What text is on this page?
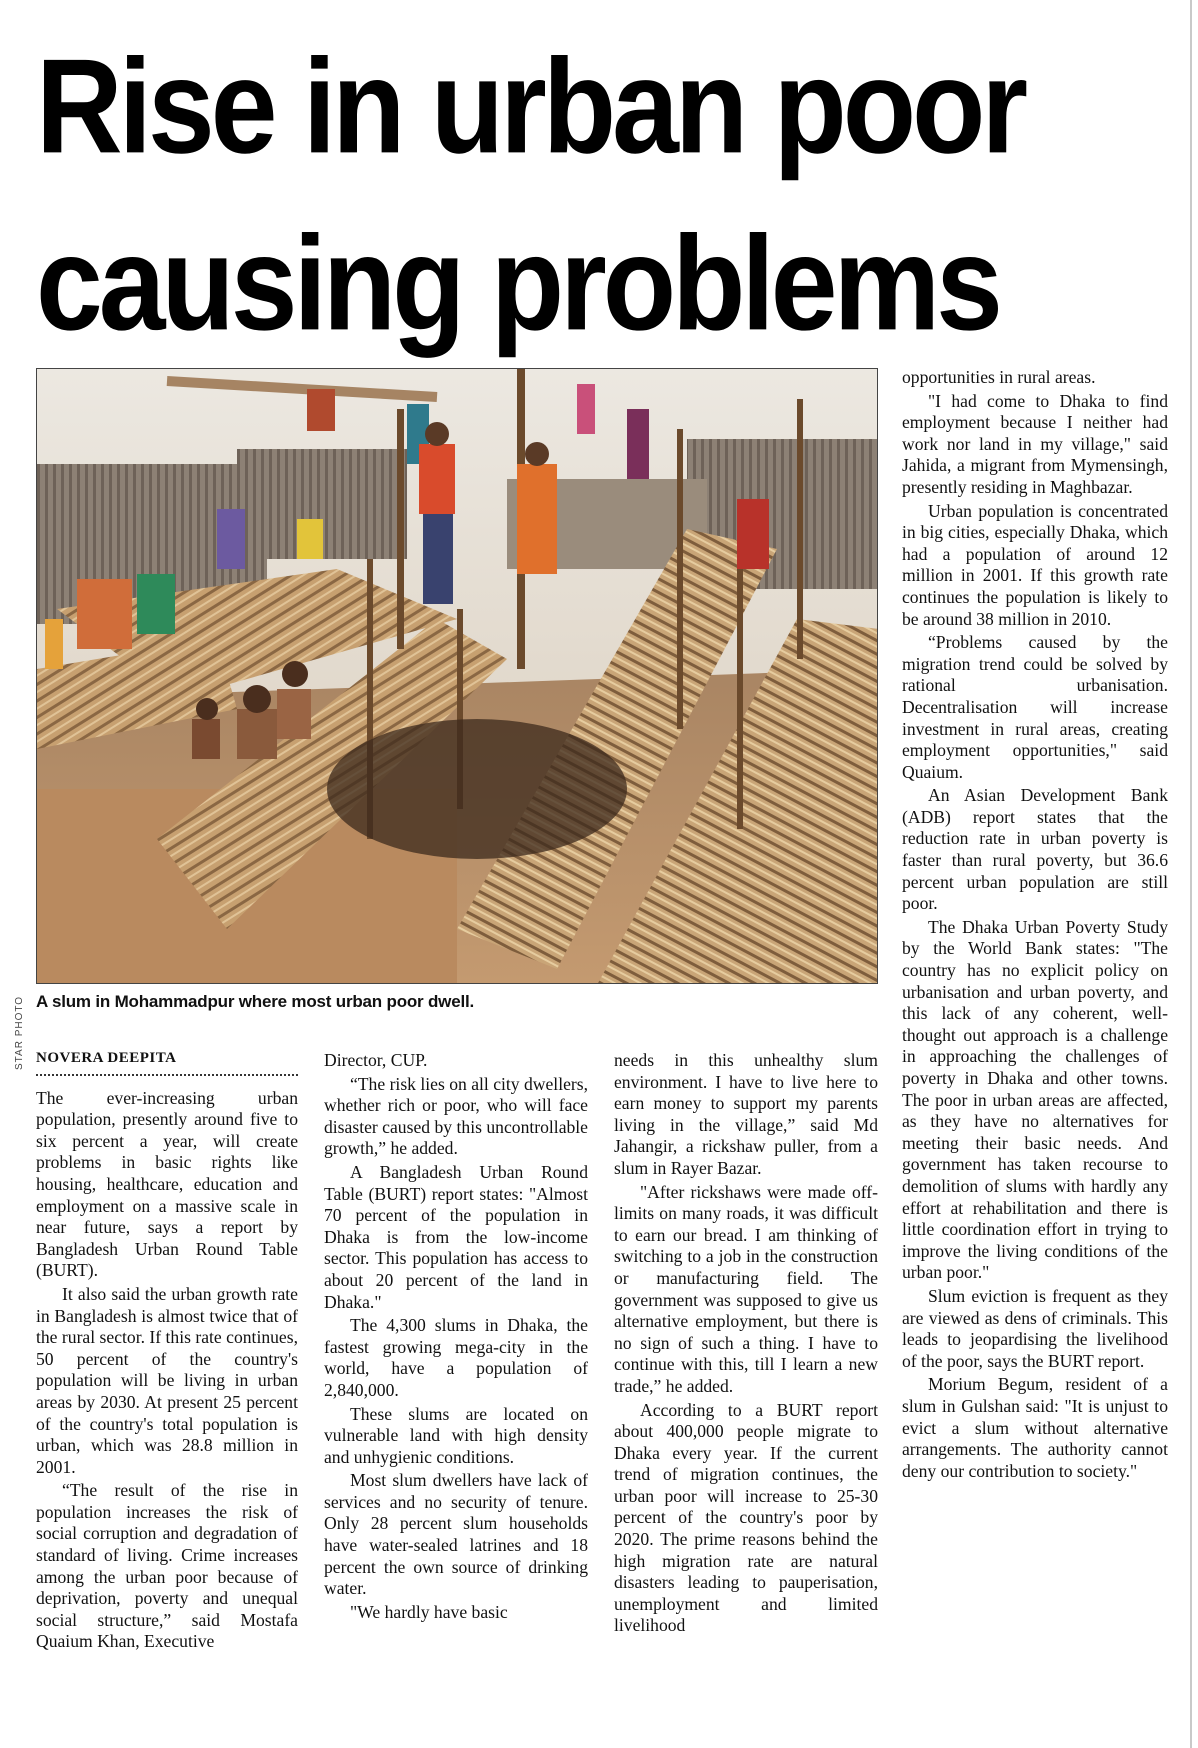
Rise in urban poor
causing problems
STAR PHOTO A slum in Mohammadpur where most urban poor dwell.
NOVERA DEEPITA

The ever-increasing urban population, presently around five to six percent a year, will create problems in basic rights like housing, healthcare, education and employment on a massive scale in near future, says a report by Bangladesh Urban Round Table (BURT).

It also said the urban growth rate in Bangladesh is almost twice that of the rural sector. If this rate continues, 50 percent of the country's population will be living in urban areas by 2030. At present 25 percent of the country's total population is urban, which was 28.8 million in 2001.

“The result of the rise in population increases the risk of social corruption and degradation of standard of living. Crime increases among the urban poor because of deprivation, poverty and unequal social structure,” said Mostafa Quaium Khan, Executive

Director, CUP.

“The risk lies on all city dwellers, whether rich or poor, who will face disaster caused by this uncontrollable growth,” he added.

A Bangladesh Urban Round Table (BURT) report states: "Almost 70 percent of the population in Dhaka is from the low-income sector. This population has access to about 20 percent of the land in Dhaka."

The 4,300 slums in Dhaka, the fastest growing mega-city in the world, have a population of 2,840,000.

These slums are located on vulnerable land with high density and unhygienic conditions.

Most slum dwellers have lack of services and no security of tenure. Only 28 percent slum households have water-sealed latrines and 18 percent the own source of drinking water.

"We hardly have basic

needs in this unhealthy slum environment. I have to live here to earn money to support my parents living in the village,” said Md Jahangir, a rickshaw puller, from a slum in Rayer Bazar.

"After rickshaws were made off-limits on many roads, it was difficult to earn our bread. I am thinking of switching to a job in the construction or manufacturing field. The government was supposed to give us alternative employment, but there is no sign of such a thing. I have to continue with this, till I learn a new trade,” he added.

According to a BURT report about 400,000 people migrate to Dhaka every year. If the current trend of migration continues, the urban poor will increase to 25-30 percent of the country's poor by 2020. The prime reasons behind the high migration rate are natural disasters leading to pauperisation, unemployment and limited livelihood

opportunities in rural areas.

"I had come to Dhaka to find employment because I neither had work nor land in my village," said Jahida, a migrant from Mymensingh, presently residing in Maghbazar.

Urban population is concentrated in big cities, especially Dhaka, which had a population of around 12 million in 2001. If this growth rate continues the population is likely to be around 38 million in 2010.

“Problems caused by the migration trend could be solved by rational urbanisation. Decentralisation will increase investment in rural areas, creating employment opportunities," said Quaium.

An Asian Development Bank (ADB) report states that the reduction rate in urban poverty is faster than rural poverty, but 36.6 percent urban population are still poor.

The Dhaka Urban Poverty Study by the World Bank states: "The country has no explicit policy on urbanisation and urban poverty, and this lack of any coherent, well-thought out approach is a challenge in approaching the challenges of poverty in Dhaka and other towns. The poor in urban areas are affected, as they have no alternatives for meeting their basic needs. And government has taken recourse to demolition of slums with hardly any effort at rehabilitation and there is little coordination effort in trying to improve the living conditions of the urban poor."

Slum eviction is frequent as they are viewed as dens of criminals. This leads to jeopardising the livelihood of the poor, says the BURT report.

Morium Begum, resident of a slum in Gulshan said: "It is unjust to evict a slum without alternative arrangements. The authority cannot deny our contribution to society."
